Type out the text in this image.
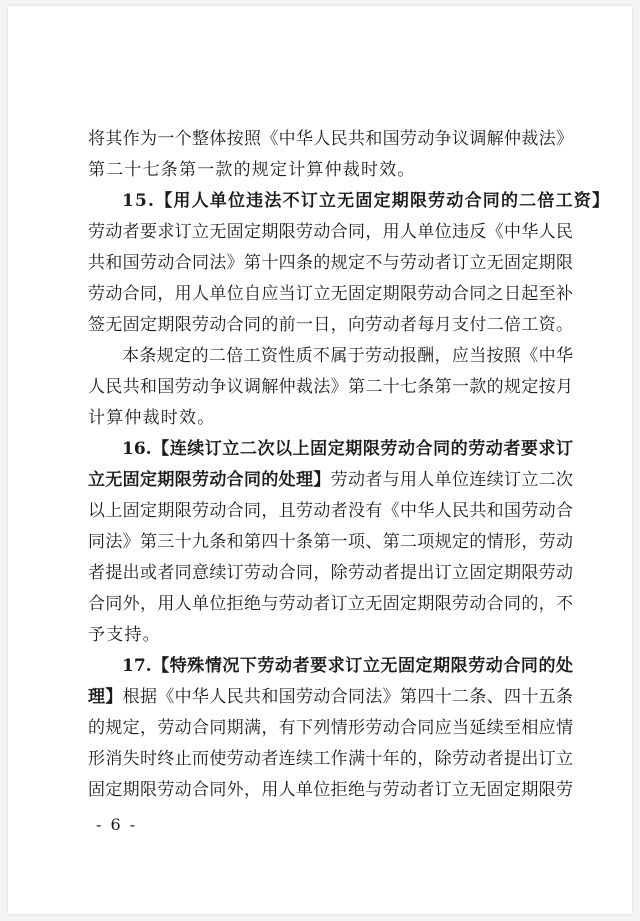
将其作为一个整体按照《中华人民共和国劳动争议调解仲裁法》
第二十七条第一款的规定计算仲裁时效。
15.【用人单位违法不订立无固定期限劳动合同的二倍工资】
劳动者要求订立无固定期限劳动合同，用人单位违反《中华人民
共和国劳动合同法》第十四条的规定不与劳动者订立无固定期限
劳动合同，用人单位自应当订立无固定期限劳动合同之日起至补
签无固定期限劳动合同的前一日，向劳动者每月支付二倍工资。
本条规定的二倍工资性质不属于劳动报酬，应当按照《中华
人民共和国劳动争议调解仲裁法》第二十七条第一款的规定按月
计算仲裁时效。
16.【连续订立二次以上固定期限劳动合同的劳动者要求订
立无固定期限劳动合同的处理】劳动者与用人单位连续订立二次
以上固定期限劳动合同，且劳动者没有《中华人民共和国劳动合
同法》第三十九条和第四十条第一项、第二项规定的情形，劳动
者提出或者同意续订劳动合同，除劳动者提出订立固定期限劳动
合同外，用人单位拒绝与劳动者订立无固定期限劳动合同的，不
予支持。
17.【特殊情况下劳动者要求订立无固定期限劳动合同的处
理】根据《中华人民共和国劳动合同法》第四十二条、四十五条
的规定，劳动合同期满，有下列情形劳动合同应当延续至相应情
形消失时终止而使劳动者连续工作满十年的，除劳动者提出订立
固定期限劳动合同外，用人单位拒绝与劳动者订立无固定期限劳
- 6 -
